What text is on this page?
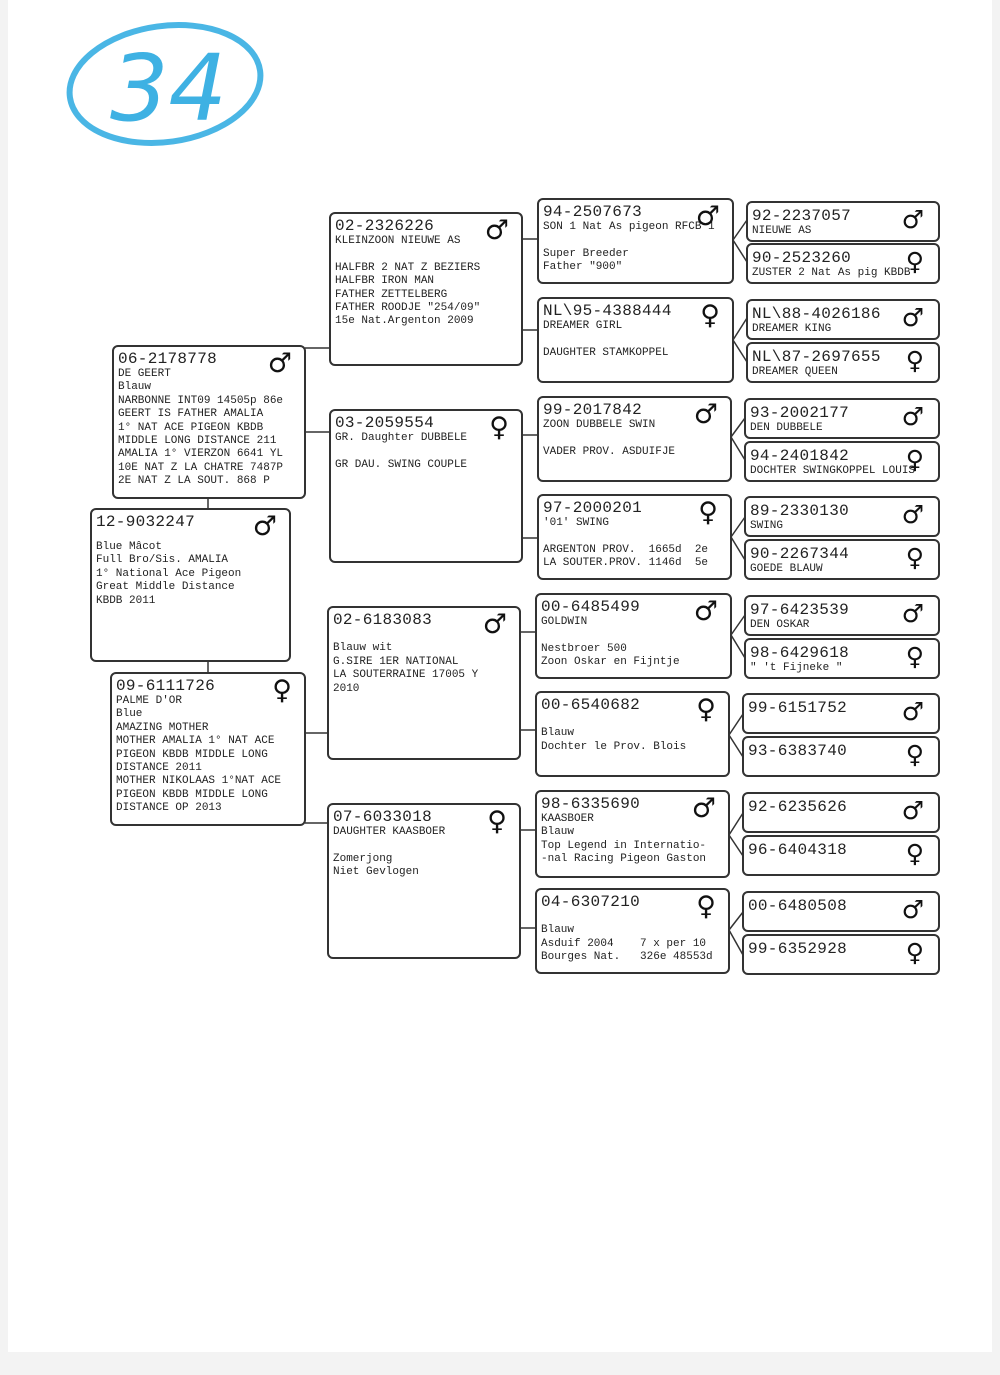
34
12-9032247	♂
Blue Mâcot
Full Bro/Sis. AMALIA
1° National Ace Pigeon
Great Middle Distance
KBDB 2011
06-2178778	♂
DE GEERT
Blauw
NARBONNE INT09 14505p 86e
GEERT IS FATHER AMALIA
1° NAT ACE PIGEON KBDB
MIDDLE LONG DISTANCE 211
AMALIA 1° VIERZON 6641 YL
10E NAT Z LA CHATRE 7487P
2E NAT Z LA SOUT. 868 P
09-6111726	♀
PALME D'OR
Blue
AMAZING MOTHER
MOTHER AMALIA 1° NAT ACE
PIGEON KBDB MIDDLE LONG
DISTANCE 2011
MOTHER NIKOLAAS 1°NAT ACE
PIGEON KBDB MIDDLE LONG
DISTANCE OP 2013
02-2326226	♂
KLEINZOON NIEUWE AS

HALFBR 2 NAT Z BEZIERS
HALFBR IRON MAN
FATHER ZETTELBERG
FATHER ROODJE "254/09"
15e Nat.Argenton 2009
03-2059554	♀
GR. Daughter DUBBELE

GR DAU. SWING COUPLE
02-6183083	♂

Blauw wit
G.SIRE 1ER NATIONAL
LA SOUTERRAINE 17005 Y
2010
07-6033018	♀
DAUGHTER KAASBOER

Zomerjong
Niet Gevlogen
94-2507673	♂
SON 1 Nat As pigeon RFCB 1

Super Breeder
Father "900"
NL\95-4388444	♀
DREAMER GIRL

DAUGHTER STAMKOPPEL
99-2017842	♂
ZOON DUBBELE SWIN

VADER PROV. ASDUIFJE
97-2000201	♀
'01' SWING

ARGENTON PROV.  1665d  2e
LA SOUTER.PROV. 1146d  5e
00-6485499	♂
GOLDWIN

Nestbroer 500
Zoon Oskar en Fijntje
00-6540682	♀

Blauw
Dochter le Prov. Blois
98-6335690	♂
KAASBOER
Blauw
Top Legend in Internatio-
-nal Racing Pigeon Gaston
04-6307210	♀

Blauw
Asduif 2004    7 x per 10
Bourges Nat.   326e 48553d
92-2237057	♂
NIEUWE AS
90-2523260	♀
ZUSTER 2 Nat As pig KBDB
NL\88-4026186 ♂
DREAMER KING
NL\87-2697655 ♀
DREAMER QUEEN
93-2002177	♂
DEN DUBBELE
94-2401842	♀
DOCHTER SWINGKOPPEL LOUIS
89-2330130	♂
SWING
90-2267344	♀
GOEDE BLAUW
97-6423539	♂
DEN OSKAR
98-6429618	♀
" 't Fijneke "
99-6151752	♂

93-6383740	♀

92-6235626	♂

96-6404318	♀

00-6480508	♂

99-6352928	♀
